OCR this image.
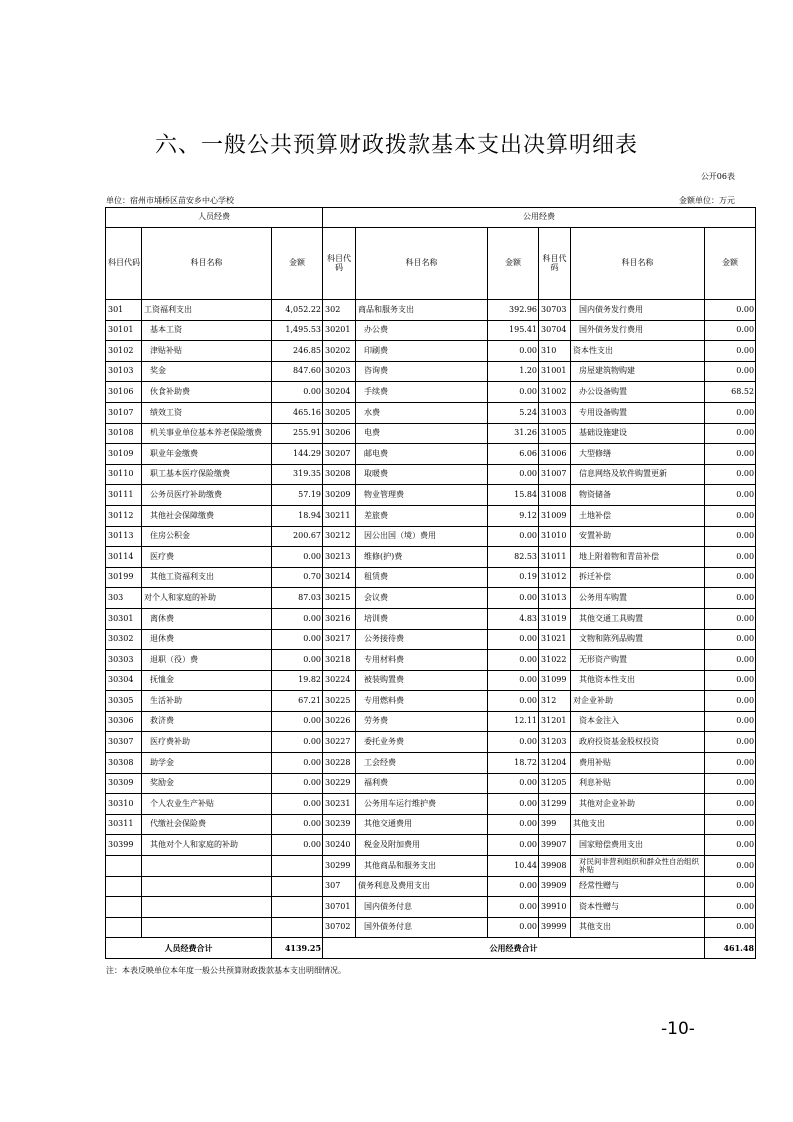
六、一般公共预算财政拨款基本支出决算明细表
公开06表
单位：宿州市埇桥区苗安乡中心学校	金额单位：万元
人员经费			公用经费					
科目代码	科目名称	金额	科目代码	科目名称	金额	科目代码	科目名称	金额
301	工资福利支出	4,052.22	302	商品和服务支出	392.96	30703	国内债务发行费用	0.00
30101	基本工资	1,495.53	30201	办公费	195.41	30704	国外债务发行费用	0.00
30102	津贴补贴	246.85	30202	印刷费	0.00	310	资本性支出	0.00
30103	奖金	847.60	30203	咨询费	1.20	31001	房屋建筑物购建	0.00
30106	伙食补助费	0.00	30204	手续费	0.00	31002	办公设备购置	68.52
30107	绩效工资	465.16	30205	水费	5.24	31003	专用设备购置	0.00
30108	机关事业单位基本养老保险缴费	255.91	30206	电费	31.26	31005	基础设施建设	0.00
30109	职业年金缴费	144.29	30207	邮电费	6.06	31006	大型修缮	0.00
30110	职工基本医疗保险缴费	319.35	30208	取暖费	0.00	31007	信息网络及软件购置更新	0.00
30111	公务员医疗补助缴费	57.19	30209	物业管理费	15.84	31008	物资储备	0.00
30112	其他社会保障缴费	18.94	30211	差旅费	9.12	31009	土地补偿	0.00
30113	住房公积金	200.67	30212	因公出国（境）费用	0.00	31010	安置补助	0.00
30114	医疗费	0.00	30213	维修(护)费	82.53	31011	地上附着物和青苗补偿	0.00
30199	其他工资福利支出	0.70	30214	租赁费	0.19	31012	拆迁补偿	0.00
303	对个人和家庭的补助	87.03	30215	会议费	0.00	31013	公务用车购置	0.00
30301	离休费	0.00	30216	培训费	4.83	31019	其他交通工具购置	0.00
30302	退休费	0.00	30217	公务接待费	0.00	31021	文物和陈列品购置	0.00
30303	退职（役）费	0.00	30218	专用材料费	0.00	31022	无形资产购置	0.00
30304	抚恤金	19.82	30224	被装购置费	0.00	31099	其他资本性支出	0.00
30305	生活补助	67.21	30225	专用燃料费	0.00	312	对企业补助	0.00
30306	救济费	0.00	30226	劳务费	12.11	31201	资本金注入	0.00
30307	医疗费补助	0.00	30227	委托业务费	0.00	31203	政府投资基金股权投资	0.00
30308	助学金	0.00	30228	工会经费	18.72	31204	费用补贴	0.00
30309	奖励金	0.00	30229	福利费	0.00	31205	利息补贴	0.00
30310	个人农业生产补贴	0.00	30231	公务用车运行维护费	0.00	31299	其他对企业补助	0.00
30311	代缴社会保险费	0.00	30239	其他交通费用	0.00	399	其他支出	0.00
30399	其他对个人和家庭的补助	0.00	30240	税金及附加费用	0.00	39907	国家赔偿费用支出	0.00
			30299	其他商品和服务支出	10.44	39908	对民间非营利组织和群众性自治组织补贴	0.00
			307	债务利息及费用支出	0.00	39909	经常性赠与	0.00
			30701	国内债务付息	0.00	39910	资本性赠与	0.00
			30702	国外债务付息	0.00	39999	其他支出	0.00
人员经费合计		4139.25	公用经费合计					461.48
注：本表反映单位本年度一般公共预算财政拨款基本支出明细情况。
-10-
